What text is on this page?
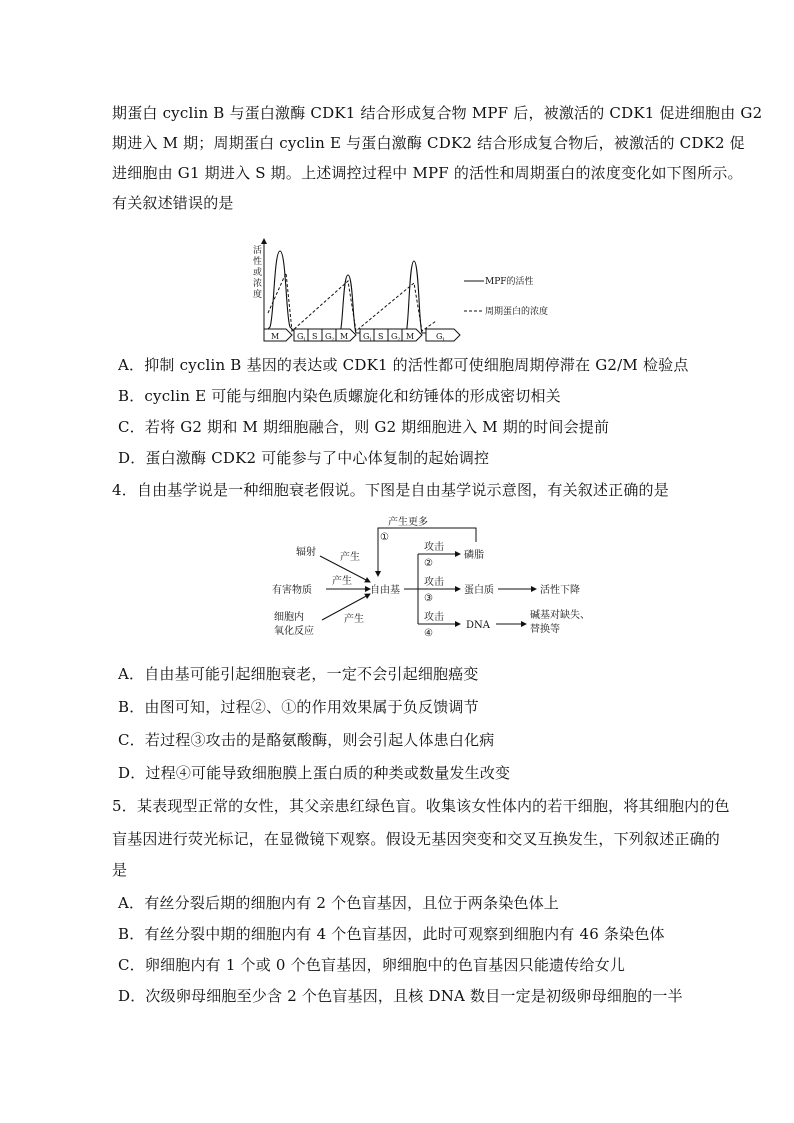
期蛋白 cyclin B 与蛋白激酶 CDK1 结合形成复合物 MPF 后，被激活的 CDK1 促进细胞由 G2
期进入 M 期；周期蛋白 cyclin E 与蛋白激酶 CDK2 结合形成复合物后，被激活的 CDK2 促
进细胞由 G1 期进入 S 期。上述调控过程中 MPF 的活性和周期蛋白的浓度变化如下图所示。
有关叙述错误的是
活
性
或
浓
度
M G 1 S G 2 M G 1 S G 2 M	G 1
MPF的活性
周期蛋白的浓度
A．抑制 cyclin B 基因的表达或 CDK1 的活性都可使细胞周期停滞在 G2/M 检验点
B．cyclin E 可能与细胞内染色质螺旋化和纺锤体的形成密切相关
C．若将 G2 期和 M 期细胞融合，则 G2 期细胞进入 M 期的时间会提前
D．蛋白激酶 CDK2 可能参与了中心体复制的起始调控
4．自由基学说是一种细胞衰老假说。下图是自由基学说示意图，有关叙述正确的是
产生更多
①
辐射 产生
有害物质
产生
细胞内
氧化反应
产生
自由基
攻击
②
磷脂
攻击
③
蛋白质	活性下降
攻击
④
DNA
碱基对缺失、
替换等
A．自由基可能引起细胞衰老，一定不会引起细胞癌变
B．由图可知，过程②、①的作用效果属于负反馈调节
C．若过程③攻击的是酪氨酸酶，则会引起人体患白化病
D．过程④可能导致细胞膜上蛋白质的种类或数量发生改变
5．某表现型正常的女性，其父亲患红绿色盲。收集该女性体内的若干细胞，将其细胞内的色
盲基因进行荧光标记，在显微镜下观察。假设无基因突变和交叉互换发生，下列叙述正确的
是
A．有丝分裂后期的细胞内有 2 个色盲基因，且位于两条染色体上
B．有丝分裂中期的细胞内有 4 个色盲基因，此时可观察到细胞内有 46 条染色体
C．卵细胞内有 1 个或 0 个色盲基因，卵细胞中的色盲基因只能遗传给女儿
D．次级卵母细胞至少含 2 个色盲基因，且核 DNA 数目一定是初级卵母细胞的一半
